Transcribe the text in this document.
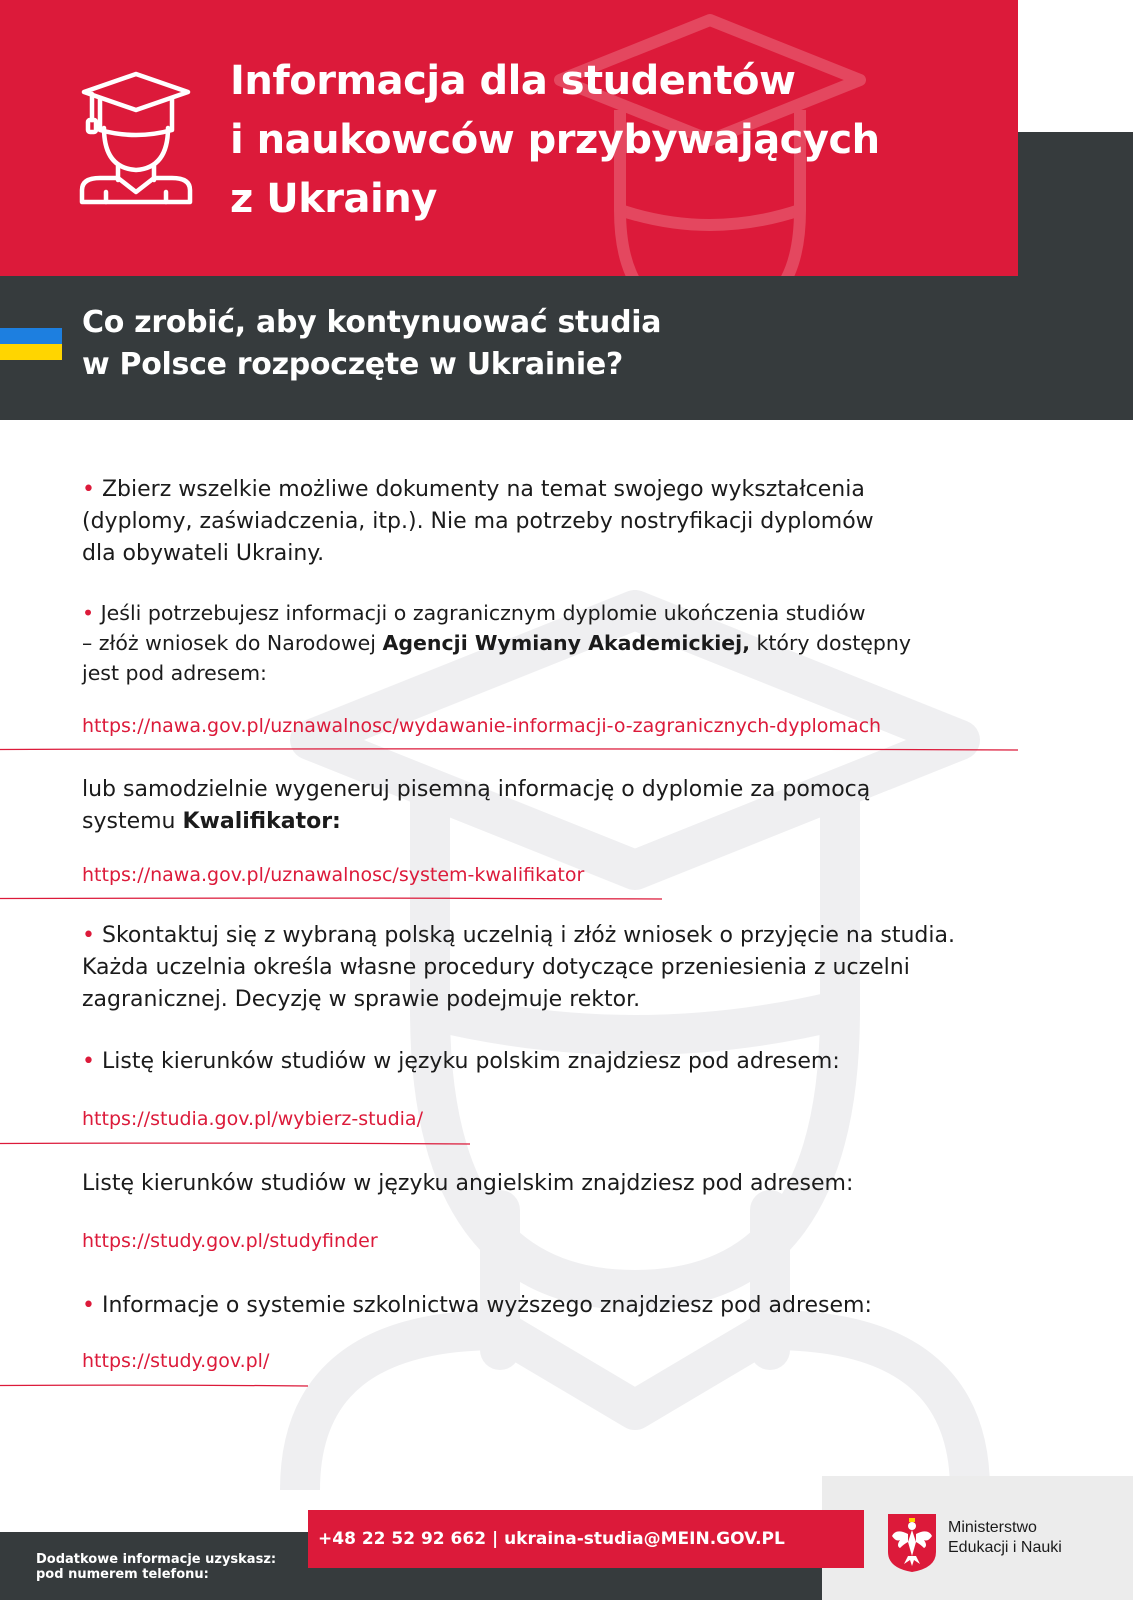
Informacja dla studentów
i naukowców przybywających
z Ukrainy
Co zrobić, aby kontynuować studia
w Polsce rozpoczęte w Ukrainie?
• Zbierz wszelkie możliwe dokumenty na temat swojego wykształcenia
(dyplomy, zaświadczenia, itp.). Nie ma potrzeby nostryfikacji dyplomów
dla obywateli Ukrainy.
• Jeśli potrzebujesz informacji o zagranicznym dyplomie ukończenia studiów
– złóż wniosek do Narodowej Agencji Wymiany Akademickiej, który dostępny
jest pod adresem:
https://nawa.gov.pl/uznawalnosc/wydawanie-informacji-o-zagranicznych-dyplomach
lub samodzielnie wygeneruj pisemną informację o dyplomie za pomocą
systemu Kwalifikator:
https://nawa.gov.pl/uznawalnosc/system-kwalifikator
• Skontaktuj się z wybraną polską uczelnią i złóż wniosek o przyjęcie na studia.
Każda uczelnia określa własne procedury dotyczące przeniesienia z uczelni
zagranicznej. Decyzję w sprawie podejmuje rektor.
• Listę kierunków studiów w języku polskim znajdziesz pod adresem:
https://studia.gov.pl/wybierz-studia/
Listę kierunków studiów w języku angielskim znajdziesz pod adresem:
https://study.gov.pl/studyfinder
• Informacje o systemie szkolnictwa wyższego znajdziesz pod adresem:
https://study.gov.pl/
Dodatkowe informacje uzyskasz:
pod numerem telefonu:
+48 22 52 92 662 | ukraina-studia@MEIN.GOV.PL
Ministerstwo
Edukacji i Nauki
